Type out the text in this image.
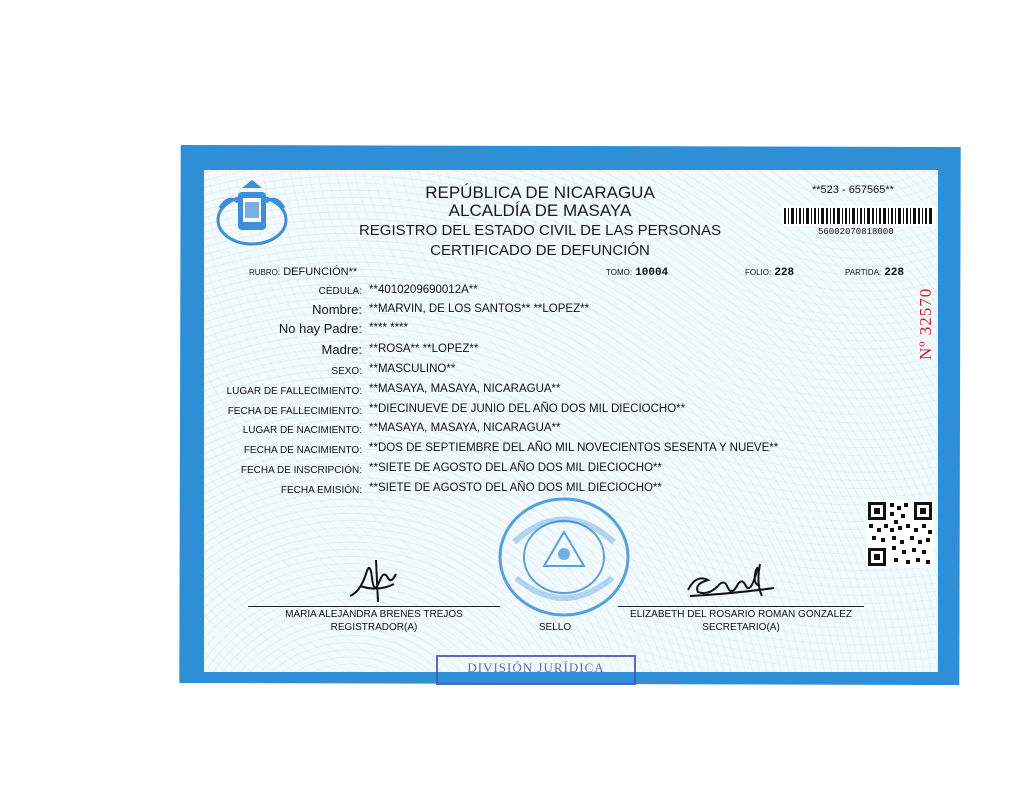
REPÚBLICA DE NICARAGUA
ALCALDÍA DE MASAYA
REGISTRO DEL ESTADO CIVIL DE LAS PERSONAS
CERTIFICADO DE DEFUNCIÓN
**523 - 657565**
56002070818000
RUBRO: DEFUNCIÓN**	TOMO: 10004	FOLIO: 228	PARTIDA: 228
CÉDULA: **4010209690012A**
Nombre: **MARVIN, DE LOS SANTOS** **LOPEZ**
No hay Padre: **** ****
Madre: **ROSA** **LOPEZ**
SEXO: **MASCULINO**
LUGAR DE FALLECIMIENTO: **MASAYA, MASAYA, NICARAGUA**
FECHA DE FALLECIMIENTO: **DIECINUEVE DE JUNIO DEL AÑO DOS MIL DIECIOCHO**
LUGAR DE NACIMIENTO: **MASAYA, MASAYA, NICARAGUA**
FECHA DE NACIMIENTO: **DOS DE SEPTIEMBRE DEL AÑO MIL NOVECIENTOS SESENTA Y NUEVE**
FECHA DE INSCRIPCIÓN: **SIETE DE AGOSTO DEL AÑO DOS MIL DIECIOCHO**
FECHA EMISIÓN: **SIETE DE AGOSTO DEL AÑO DOS MIL DIECIOCHO**
Nº 32570
MARIA ALEJANDRA BRENES TREJOS
REGISTRADOR(A)	SELLO
ELIZABETH DEL ROSARIO ROMAN GONZALEZ
SECRETARIO(A)
DIVISIÓN JURÍDICA
